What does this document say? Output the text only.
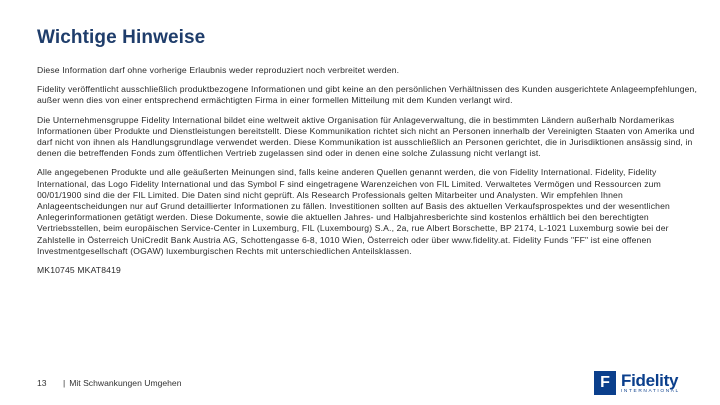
Wichtige Hinweise

Diese Information darf ohne vorherige Erlaubnis weder reproduziert noch verbreitet werden.

Fidelity veröffentlicht ausschließlich produktbezogene Informationen und gibt keine an den persönlichen Verhältnissen des Kunden ausgerichtete Anlageempfehlungen, außer wenn dies von einer entsprechend ermächtigten Firma in einer formellen Mitteilung mit dem Kunden verlangt wird.

Die Unternehmensgruppe Fidelity International bildet eine weltweit aktive Organisation für Anlageverwaltung, die in bestimmten Ländern außerhalb Nordamerikas Informationen über Produkte und Dienstleistungen bereitstellt. Diese Kommunikation richtet sich nicht an Personen innerhalb der Vereinigten Staaten von Amerika und darf nicht von ihnen als Handlungsgrundlage verwendet werden. Diese Kommunikation ist ausschließlich an Personen gerichtet, die in Jurisdiktionen ansässig sind, in denen die betreffenden Fonds zum öffentlichen Vertrieb zugelassen sind oder in denen eine solche Zulassung nicht verlangt ist.

Alle angegebenen Produkte und alle geäußerten Meinungen sind, falls keine anderen Quellen genannt werden, die von Fidelity International. Fidelity, Fidelity International, das Logo Fidelity International und das Symbol F sind eingetragene Warenzeichen von FIL Limited. Verwaltetes Vermögen und Ressourcen zum 00/01/1900 sind die der FIL Limited. Die Daten sind nicht geprüft. Als Research Professionals gelten Mitarbeiter und Analysten. Wir empfehlen Ihnen Anlageentscheidungen nur auf Grund detaillierter Informationen zu fällen. Investitionen sollten auf Basis des aktuellen Verkaufsprospektes und der wesentlichen Anlegerinformationen getätigt werden. Diese Dokumente, sowie die aktuellen Jahres- und Halbjahresberichte sind kostenlos erhältlich bei den berechtigten Vertriebsstellen, beim europäischen Service-Center in Luxemburg, FIL (Luxembourg) S.A., 2a, rue Albert Borschette, BP 2174, L-1021 Luxemburg sowie bei der Zahlstelle in Österreich UniCredit Bank Austria AG, Schottengasse 6-8, 1010 Wien, Österreich oder über www.fidelity.at. Fidelity Funds "FF" ist eine offenen Investmentgesellschaft (OGAW) luxemburgischen Rechts mit unterschiedlichen Anteilsklassen.

MK10745 MKAT8419

13	| Mit Schwankungen Umgehen	F Fidelity
INTERNATIONAL
